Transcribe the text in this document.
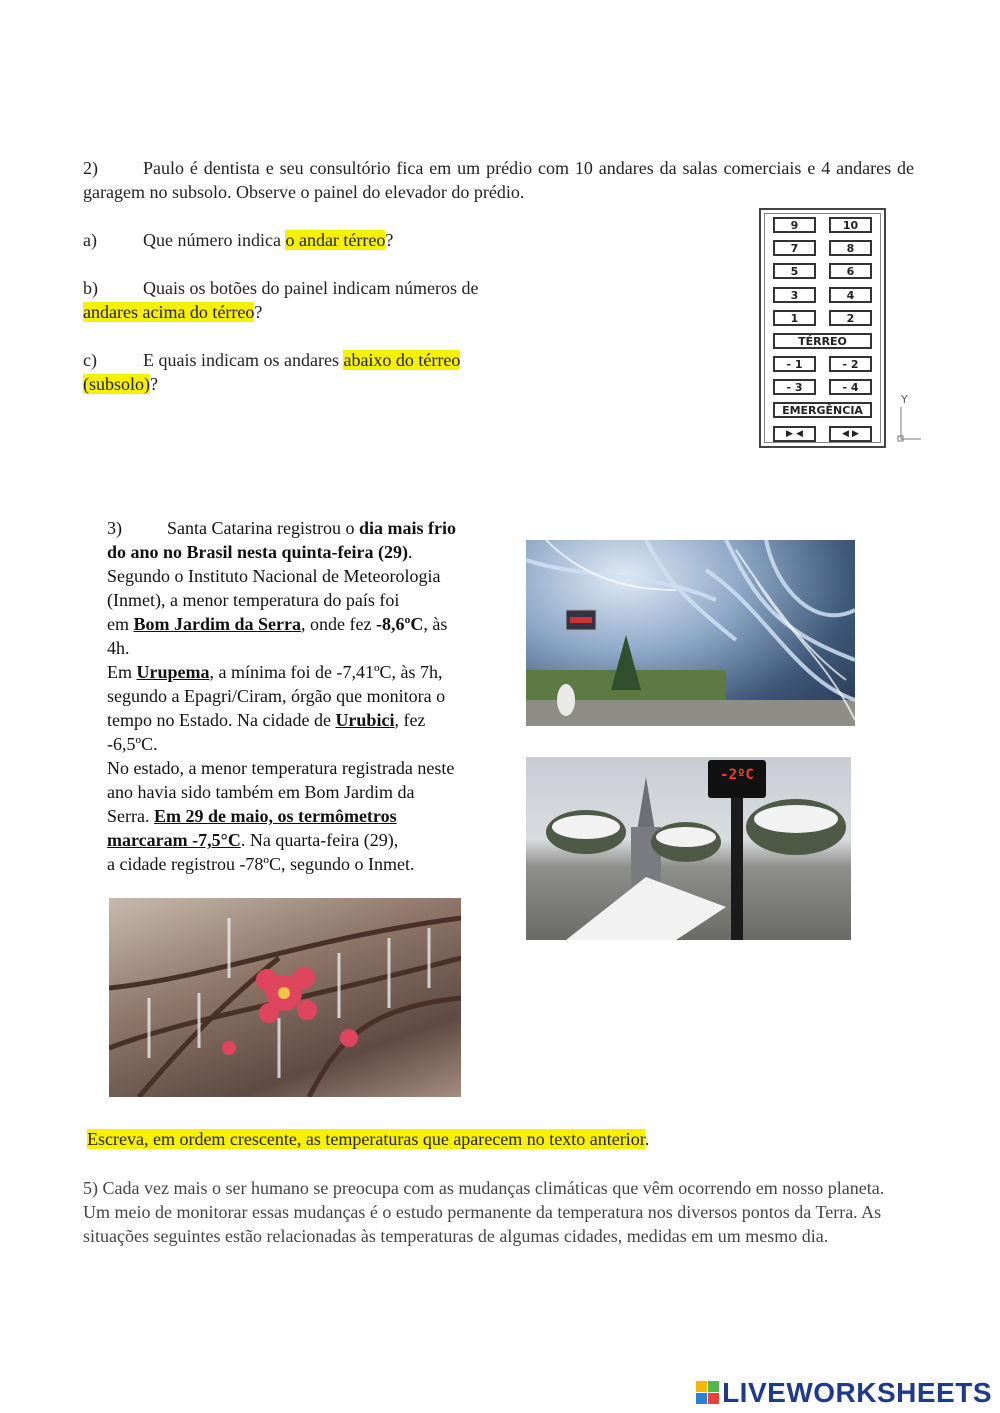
2)	Paulo é dentista e seu consultório fica em um prédio com 10 andares da salas comerciais e 4 andares de garagem no subsolo. Observe o painel do elevador do prédio.
a)	Que número indica o andar térreo?
b)	Quais os botões do painel indicam números de
andares acima do térreo?
c)	E quais indicam os andares abaixo do térreo
(subsolo)?
9	10
7	8
5	6
3	4
1	2
TÉRREO
- 1	- 2
- 3	- 4
EMERGÊNCIA
▶ ◀	◀ ▶
Y
3)	Santa Catarina registrou o dia mais frio
do ano no Brasil nesta quinta-feira (29).
Segundo o Instituto Nacional de Meteorologia
(Inmet), a menor temperatura do país foi
em Bom Jardim da Serra, onde fez -8,6ºC, às
4h.
Em Urupema, a mínima foi de -7,41ºC, às 7h,
segundo a Epagri/Ciram, órgão que monitora o
tempo no Estado. Na cidade de Urubici, fez
-6,5ºC.
No estado, a menor temperatura registrada neste
ano havia sido também em Bom Jardim da
Serra. Em 29 de maio, os termômetros
marcaram -7,5°C. Na quarta-feira (29),
a cidade registrou -78ºC, segundo o Inmet.
-2ºC
Escreva, em ordem crescente, as temperaturas que aparecem no texto anterior.
5) Cada vez mais o ser humano se preocupa com as mudanças climáticas que vêm ocorrendo em nosso planeta. Um meio de monitorar essas mudanças é o estudo permanente da temperatura nos diversos pontos da Terra. As situações seguintes estão relacionadas às temperaturas de algumas cidades, medidas em um mesmo dia.
LIVEWORKSHEETS
